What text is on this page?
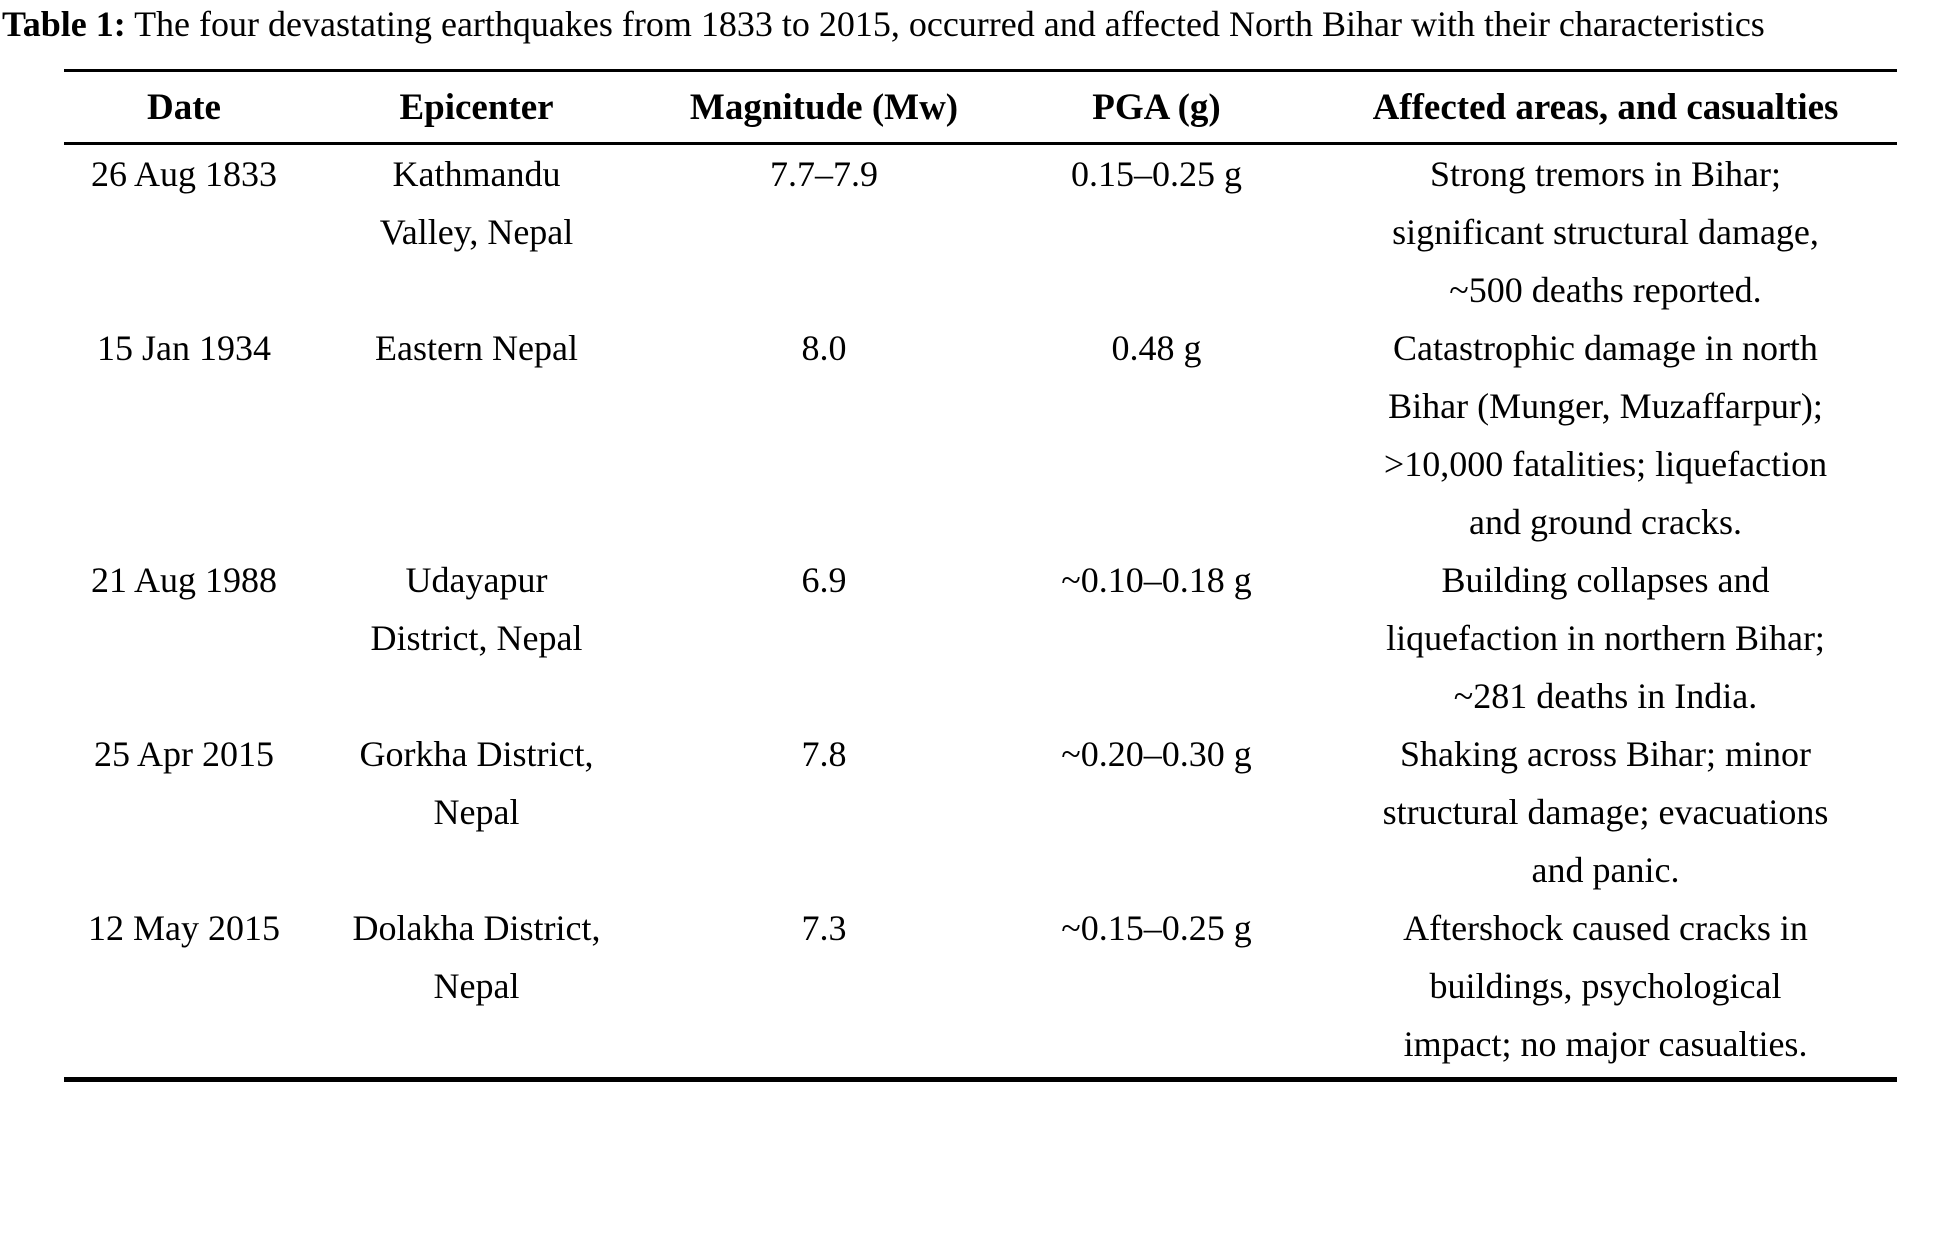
Table 1: The four devastating earthquakes from 1833 to 2015, occurred and affected North Bihar with their characteristics

Date	Epicenter	Magnitude (Mw)	PGA (g)	Affected areas, and casualties
26 Aug 1833	Kathmandu Valley, Nepal	7.7–7.9	0.15–0.25 g	Strong tremors in Bihar; significant structural damage, ~500 deaths reported.
15 Jan 1934	Eastern Nepal	8.0	0.48 g	Catastrophic damage in north Bihar (Munger, Muzaffarpur); >10,000 fatalities; liquefaction and ground cracks.
21 Aug 1988	Udayapur District, Nepal	6.9	~0.10–0.18 g	Building collapses and liquefaction in northern Bihar; ~281 deaths in India.
25 Apr 2015	Gorkha District, Nepal	7.8	~0.20–0.30 g	Shaking across Bihar; minor structural damage; evacuations and panic.
12 May 2015	Dolakha District, Nepal	7.3	~0.15–0.25 g	Aftershock caused cracks in buildings, psychological impact; no major casualties.
